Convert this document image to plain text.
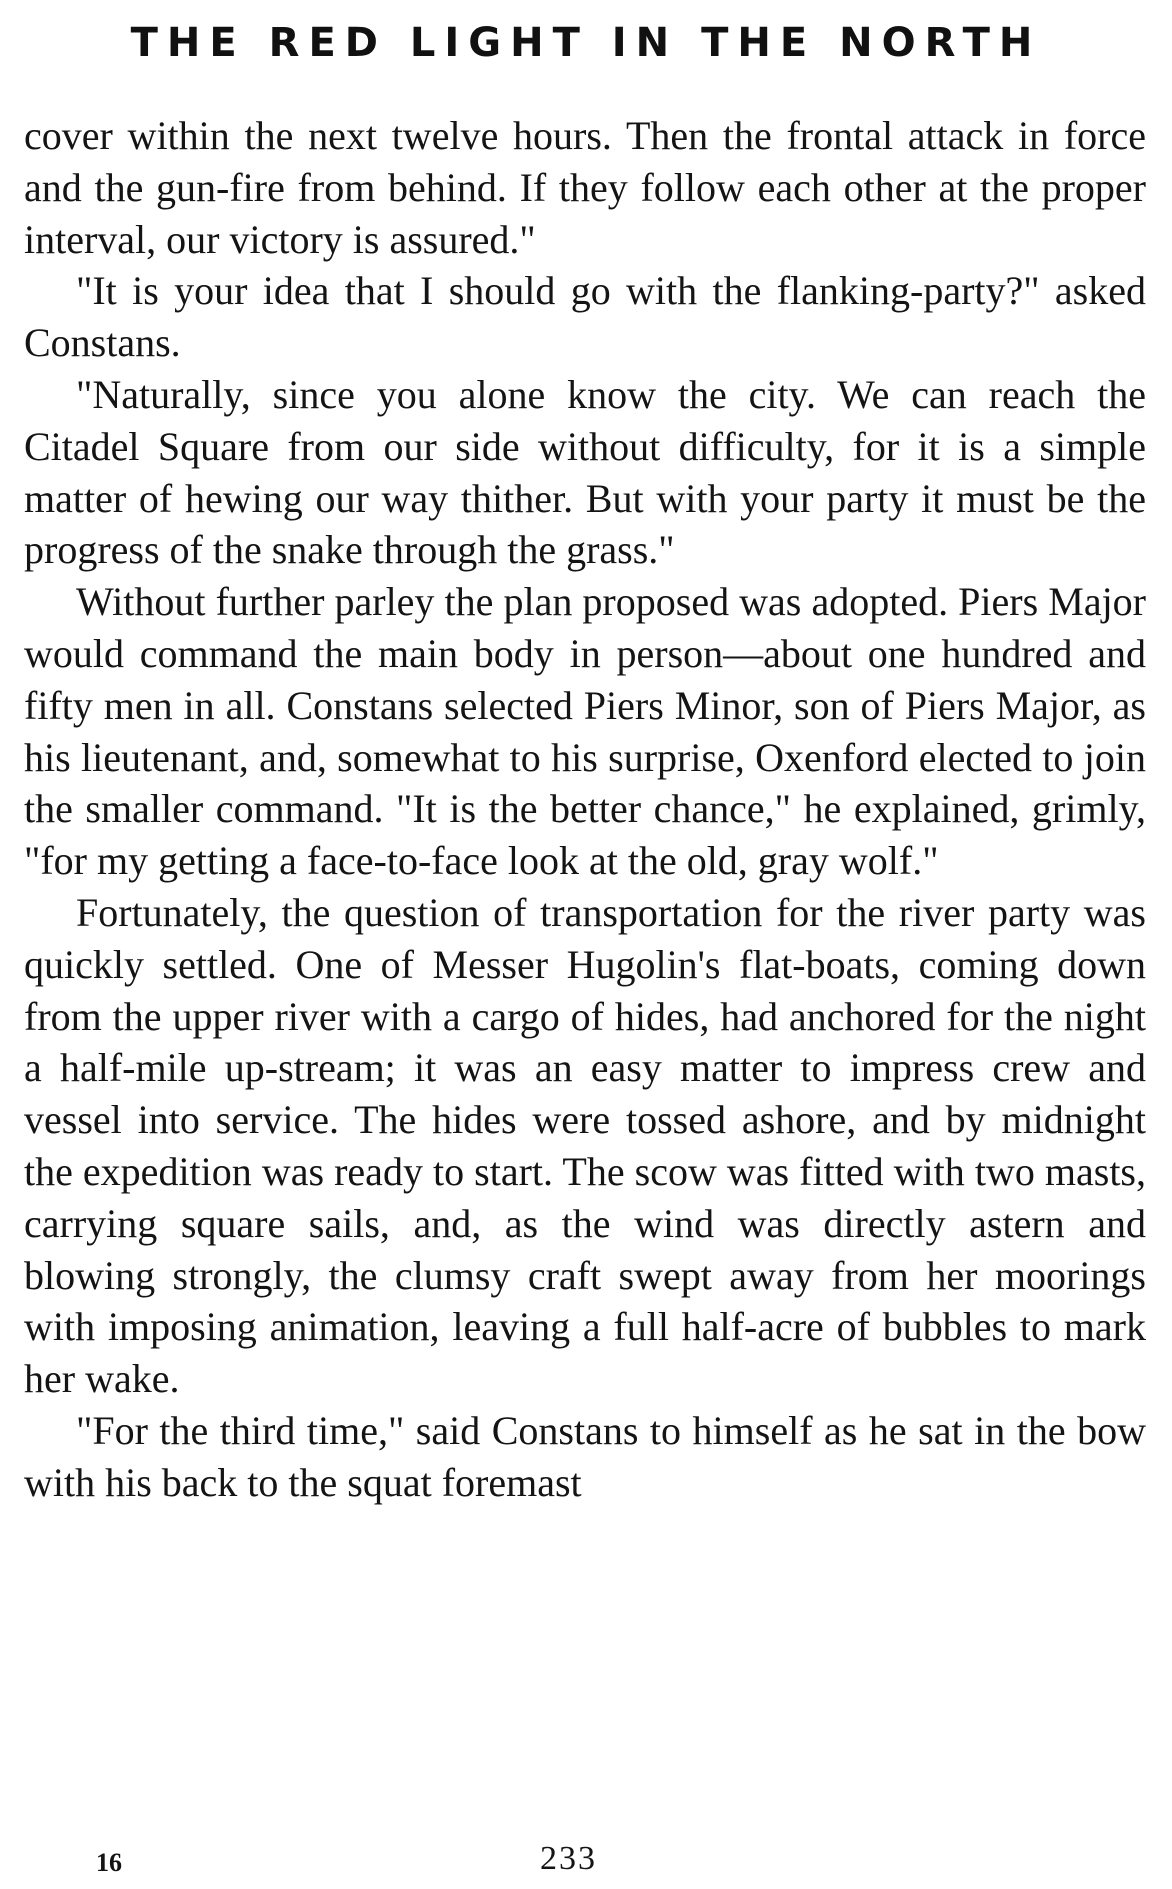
THE RED LIGHT IN THE NORTH

cover within the next twelve hours. Then the frontal attack in force and the gun-fire from behind. If they follow each other at the proper interval, our victory is assured."

"It is your idea that I should go with the flanking-party?" asked Constans.

"Naturally, since you alone know the city. We can reach the Citadel Square from our side without difficulty, for it is a simple matter of hewing our way thither. But with your party it must be the progress of the snake through the grass."

Without further parley the plan proposed was adopted. Piers Major would command the main body in person—about one hundred and fifty men in all. Constans selected Piers Minor, son of Piers Major, as his lieutenant, and, somewhat to his surprise, Oxenford elected to join the smaller command. "It is the better chance," he explained, grimly, "for my getting a face-to-face look at the old, gray wolf."

Fortunately, the question of transportation for the river party was quickly settled. One of Messer Hugolin's flat-boats, coming down from the upper river with a cargo of hides, had anchored for the night a half-mile up-stream; it was an easy matter to impress crew and vessel into service. The hides were tossed ashore, and by midnight the expedition was ready to start. The scow was fitted with two masts, carrying square sails, and, as the wind was directly astern and blowing strongly, the clumsy craft swept away from her moorings with imposing animation, leaving a full half-acre of bubbles to mark her wake.

"For the third time," said Constans to himself as he sat in the bow with his back to the squat foremast

16	233
